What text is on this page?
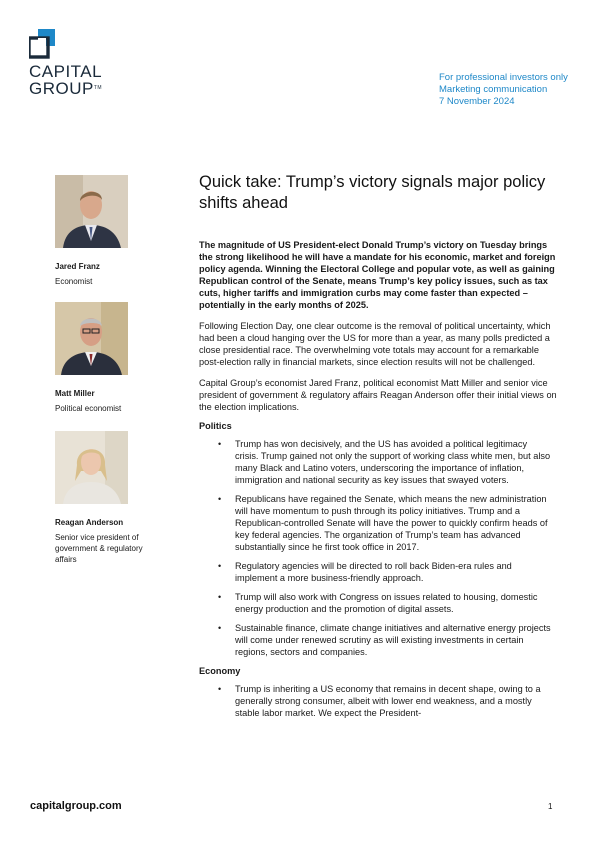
CAPITAL
GROUP™
For professional investors only
Marketing communication
7 November 2024
Jared Franz
Economist
Matt Miller
Political economist
Reagan Anderson
Senior vice president of government & regulatory affairs
Quick take: Trump’s victory signals major policy shifts ahead
The magnitude of US President-elect Donald Trump’s victory on Tuesday brings the strong likelihood he will have a mandate for his economic, market and foreign policy agenda. Winning the Electoral College and popular vote, as well as gaining Republican control of the Senate, means Trump’s key policy issues, such as tax cuts, higher tariffs and immigration curbs may come faster than expected – potentially in the early months of 2025.
Following Election Day, one clear outcome is the removal of political uncertainty, which had been a cloud hanging over the US for more than a year, as many polls predicted a close presidential race. The overwhelming vote totals may account for a remarkable post-election rally in financial markets, since election results will not be challenged.
Capital Group’s economist Jared Franz, political economist Matt Miller and senior vice president of government & regulatory affairs Reagan Anderson offer their initial views on the election implications.
Politics
• Trump has won decisively, and the US has avoided a political legitimacy crisis. Trump gained not only the support of working class white men, but also many Black and Latino voters, underscoring the importance of inflation, immigration and national security as key issues that swayed voters.
• Republicans have regained the Senate, which means the new administration will have momentum to push through its policy initiatives. Trump and a Republican-controlled Senate will have the power to quickly confirm heads of key federal agencies. The organization of Trump’s team has advanced substantially since he first took office in 2017.
• Regulatory agencies will be directed to roll back Biden-era rules and implement a more business-friendly approach.
• Trump will also work with Congress on issues related to housing, domestic energy production and the promotion of digital assets.
• Sustainable finance, climate change initiatives and alternative energy projects will come under renewed scrutiny as will existing investments in certain regions, sectors and companies.
Economy
• Trump is inheriting a US economy that remains in decent shape, owing to a generally strong consumer, albeit with lower end weakness, and a mostly stable labor market. We expect the President-
capitalgroup.com	1
